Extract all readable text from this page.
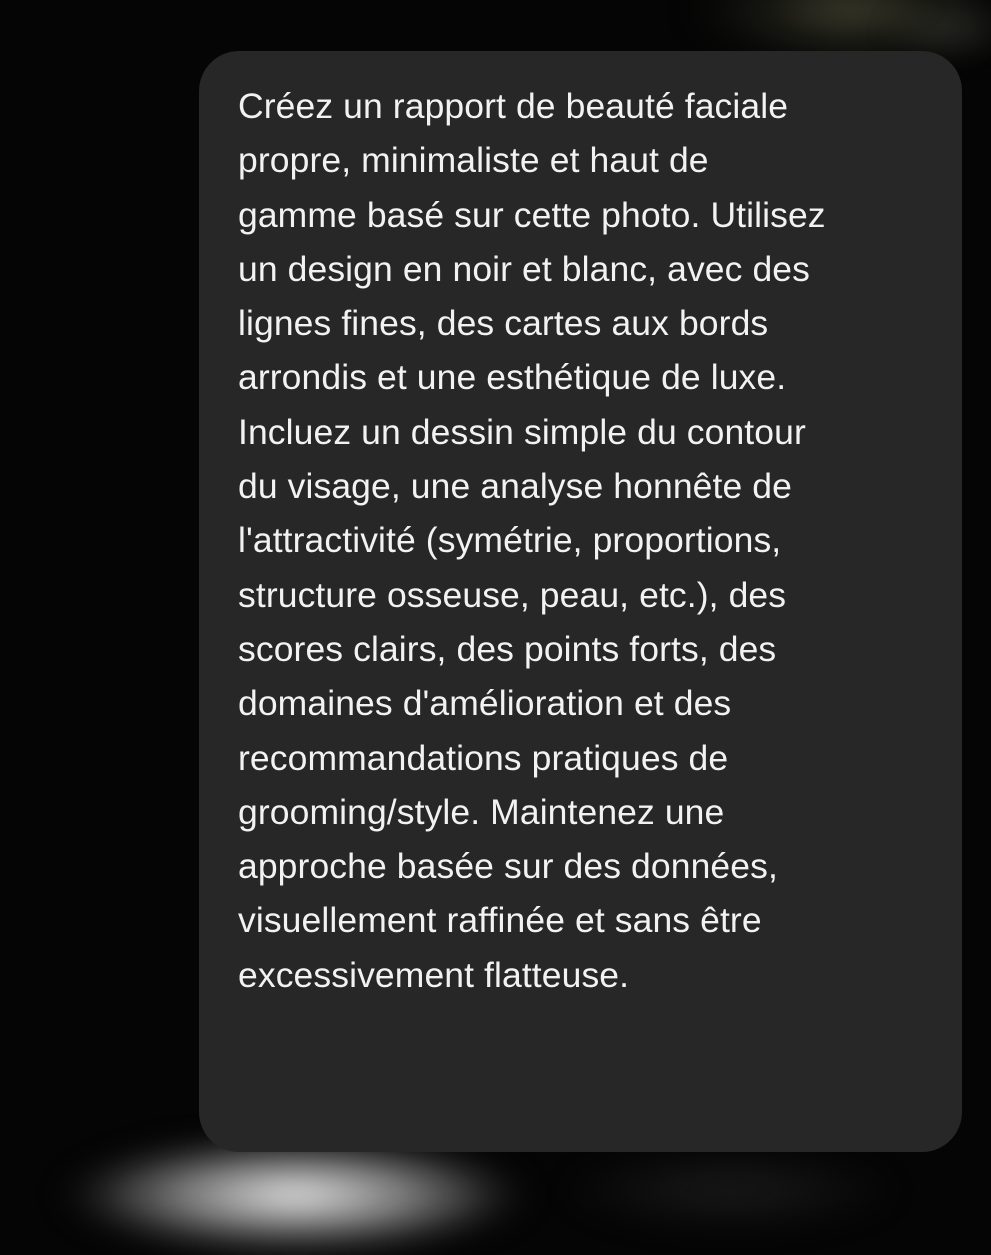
Créez un rapport de beauté faciale
propre, minimaliste et haut de
gamme basé sur cette photo. Utilisez
un design en noir et blanc, avec des
lignes fines, des cartes aux bords
arrondis et une esthétique de luxe.
Incluez un dessin simple du contour
du visage, une analyse honnête de
l'attractivité (symétrie, proportions,
structure osseuse, peau, etc.), des
scores clairs, des points forts, des
domaines d'amélioration et des
recommandations pratiques de
grooming/style. Maintenez une
approche basée sur des données,
visuellement raffinée et sans être
excessivement flatteuse.
